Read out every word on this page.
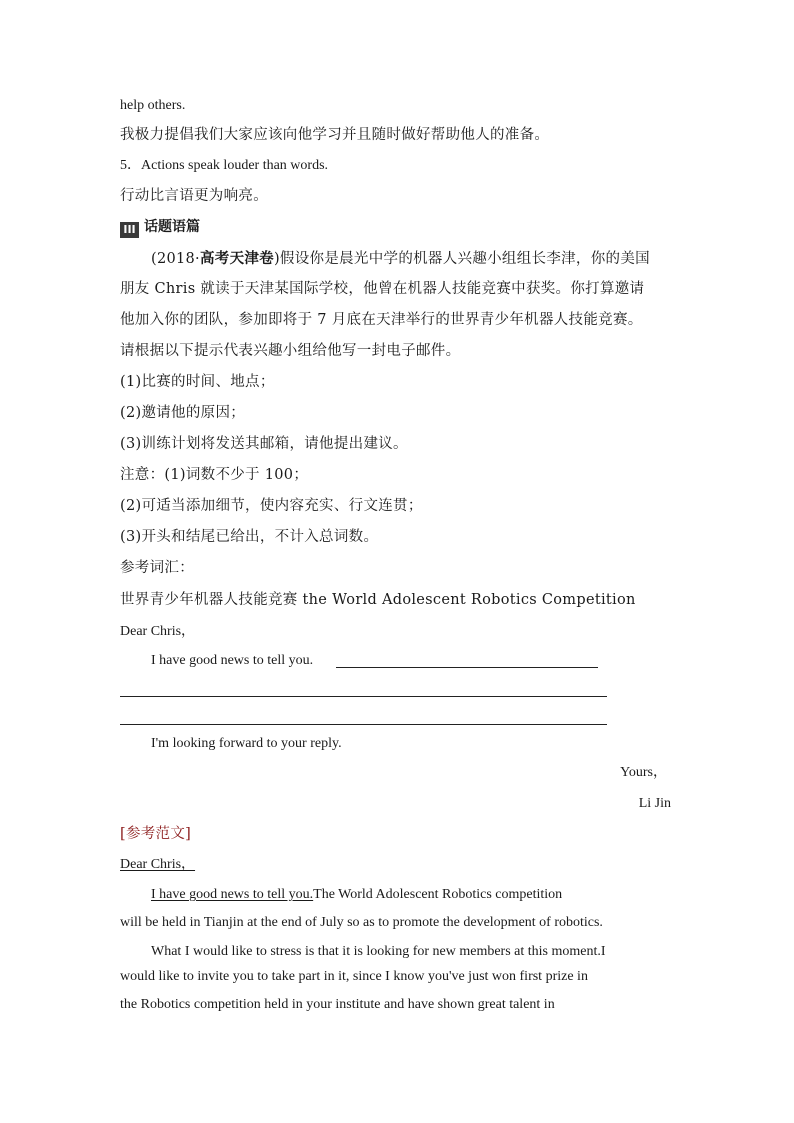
help others.
我极力提倡我们大家应该向他学习并且随时做好帮助他人的准备。
5．Actions speak louder than words.
行动比言语更为响亮。
III 话题语篇
(2018·高考天津卷)假设你是晨光中学的机器人兴趣小组组长李津，你的美国
朋友 Chris 就读于天津某国际学校，他曾在机器人技能竞赛中获奖。你打算邀请
他加入你的团队，参加即将于 7 月底在天津举行的世界青少年机器人技能竞赛。
请根据以下提示代表兴趣小组给他写一封电子邮件。
(1)比赛的时间、地点；
(2)邀请他的原因；
(3)训练计划将发送其邮箱，请他提出建议。
注意：(1)词数不少于 100；
(2)可适当添加细节，使内容充实、行文连贯；
(3)开头和结尾已给出，不计入总词数。
参考词汇：
世界青少年机器人技能竞赛 the World Adolescent Robotics Competition
Dear Chris，
I have good news to tell you.
I'm looking forward to your reply.
Yours，
Li Jin
[参考范文]
Dear Chris，
I have good news to tell you.The World Adolescent Robotics competition
will be held in Tianjin at the end of July so as to promote the development of robotics.
What I would like to stress is that it is looking for new members at this moment.I
would like to invite you to take part in it, since I know you've just won first prize in
the Robotics competition held in your institute and have shown great talent in
